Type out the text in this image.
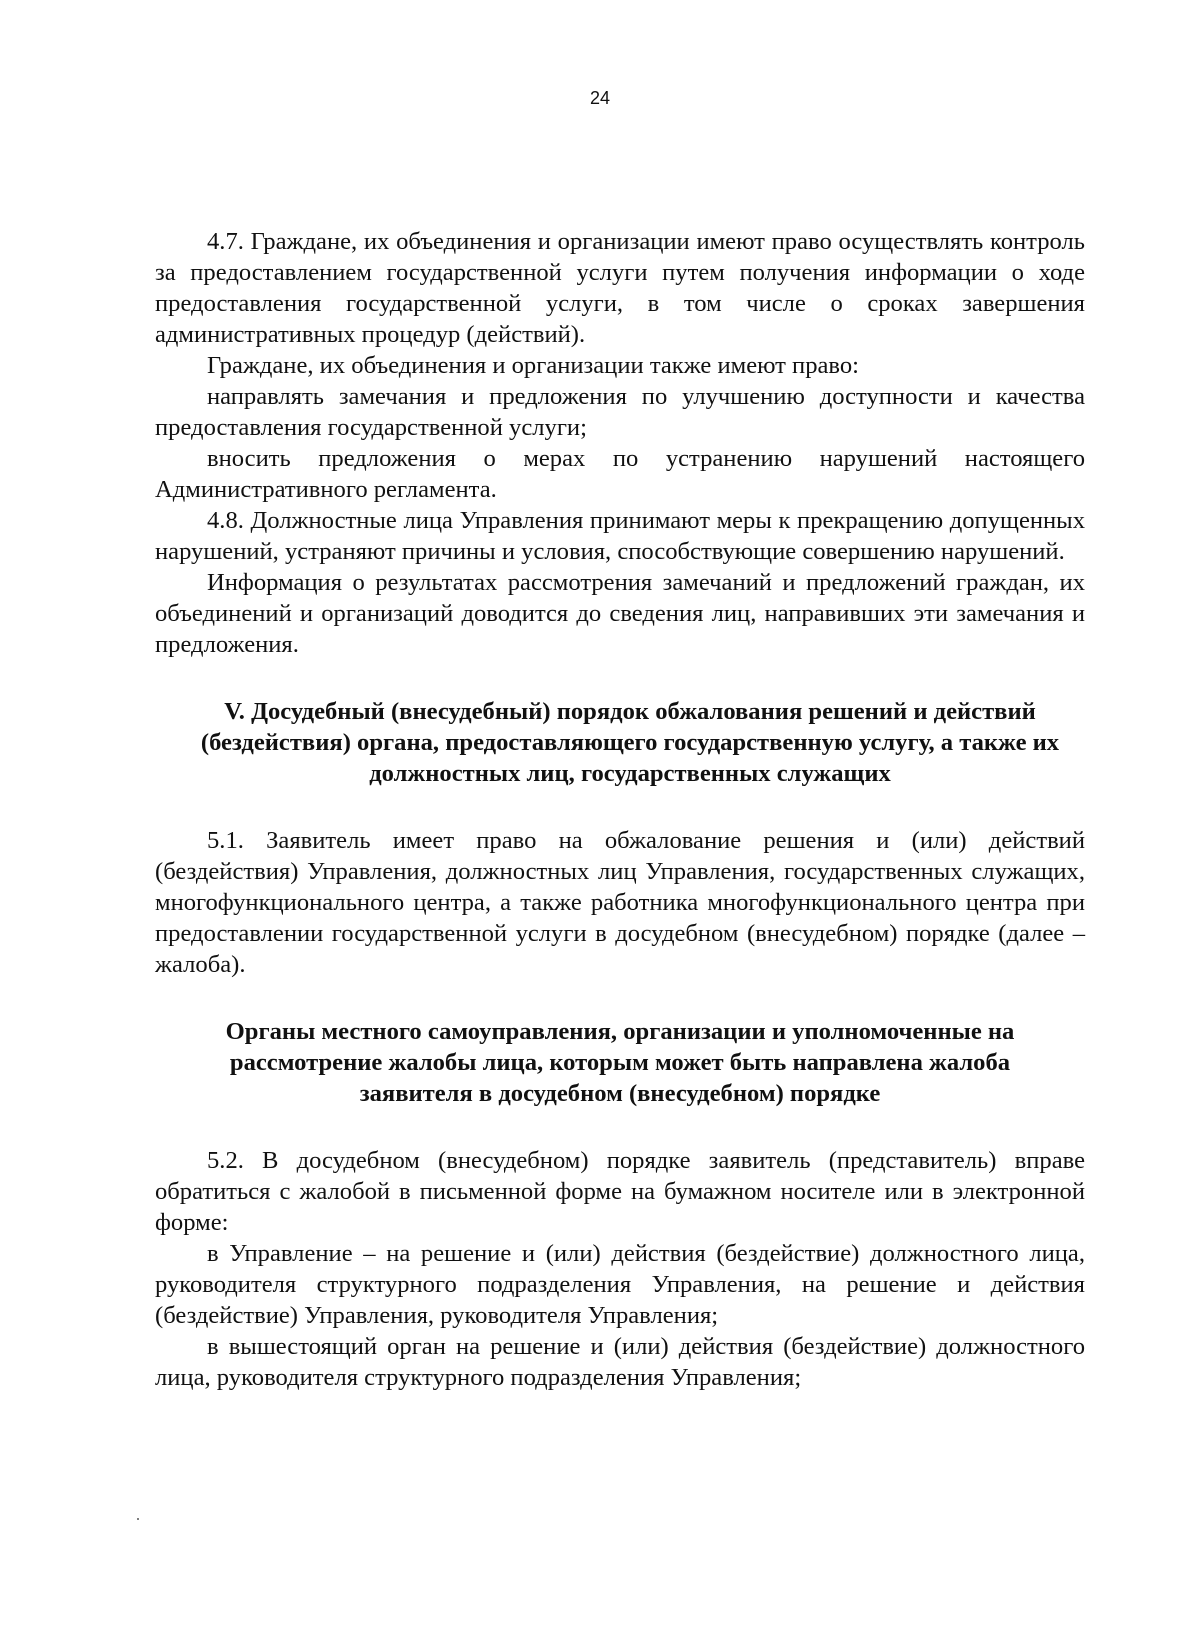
24

4.7. Граждане, их объединения и организации имеют право осуществлять контроль за предоставлением государственной услуги путем получения информации о ходе предоставления государственной услуги, в том числе о сроках завершения административных процедур (действий).

Граждане, их объединения и организации также имеют право:

направлять замечания и предложения по улучшению доступности и качества предоставления государственной услуги;

вносить предложения о мерах по устранению нарушений настоящего Административного регламента.

4.8. Должностные лица Управления принимают меры к прекращению допущенных нарушений, устраняют причины и условия, способствующие совершению нарушений.

Информация о результатах рассмотрения замечаний и предложений граждан, их объединений и организаций доводится до сведения лиц, направивших эти замечания и предложения.

V. Досудебный (внесудебный) порядок обжалования решений и действий (бездействия) органа, предоставляющего государственную услугу, а также их должностных лиц, государственных служащих

5.1. Заявитель имеет право на обжалование решения и (или) действий (бездействия) Управления, должностных лиц Управления, государственных служащих, многофункционального центра, а также работника многофункционального центра при предоставлении государственной услуги в досудебном (внесудебном) порядке (далее – жалоба).

Органы местного самоуправления, организации и уполномоченные на рассмотрение жалобы лица, которым может быть направлена жалоба заявителя в досудебном (внесудебном) порядке

5.2. В досудебном (внесудебном) порядке заявитель (представитель) вправе обратиться с жалобой в письменной форме на бумажном носителе или в электронной форме:

в Управление – на решение и (или) действия (бездействие) должностного лица, руководителя структурного подразделения Управления, на решение и действия (бездействие) Управления, руководителя Управления;

в вышестоящий орган на решение и (или) действия (бездействие) должностного лица, руководителя структурного подразделения Управления;
